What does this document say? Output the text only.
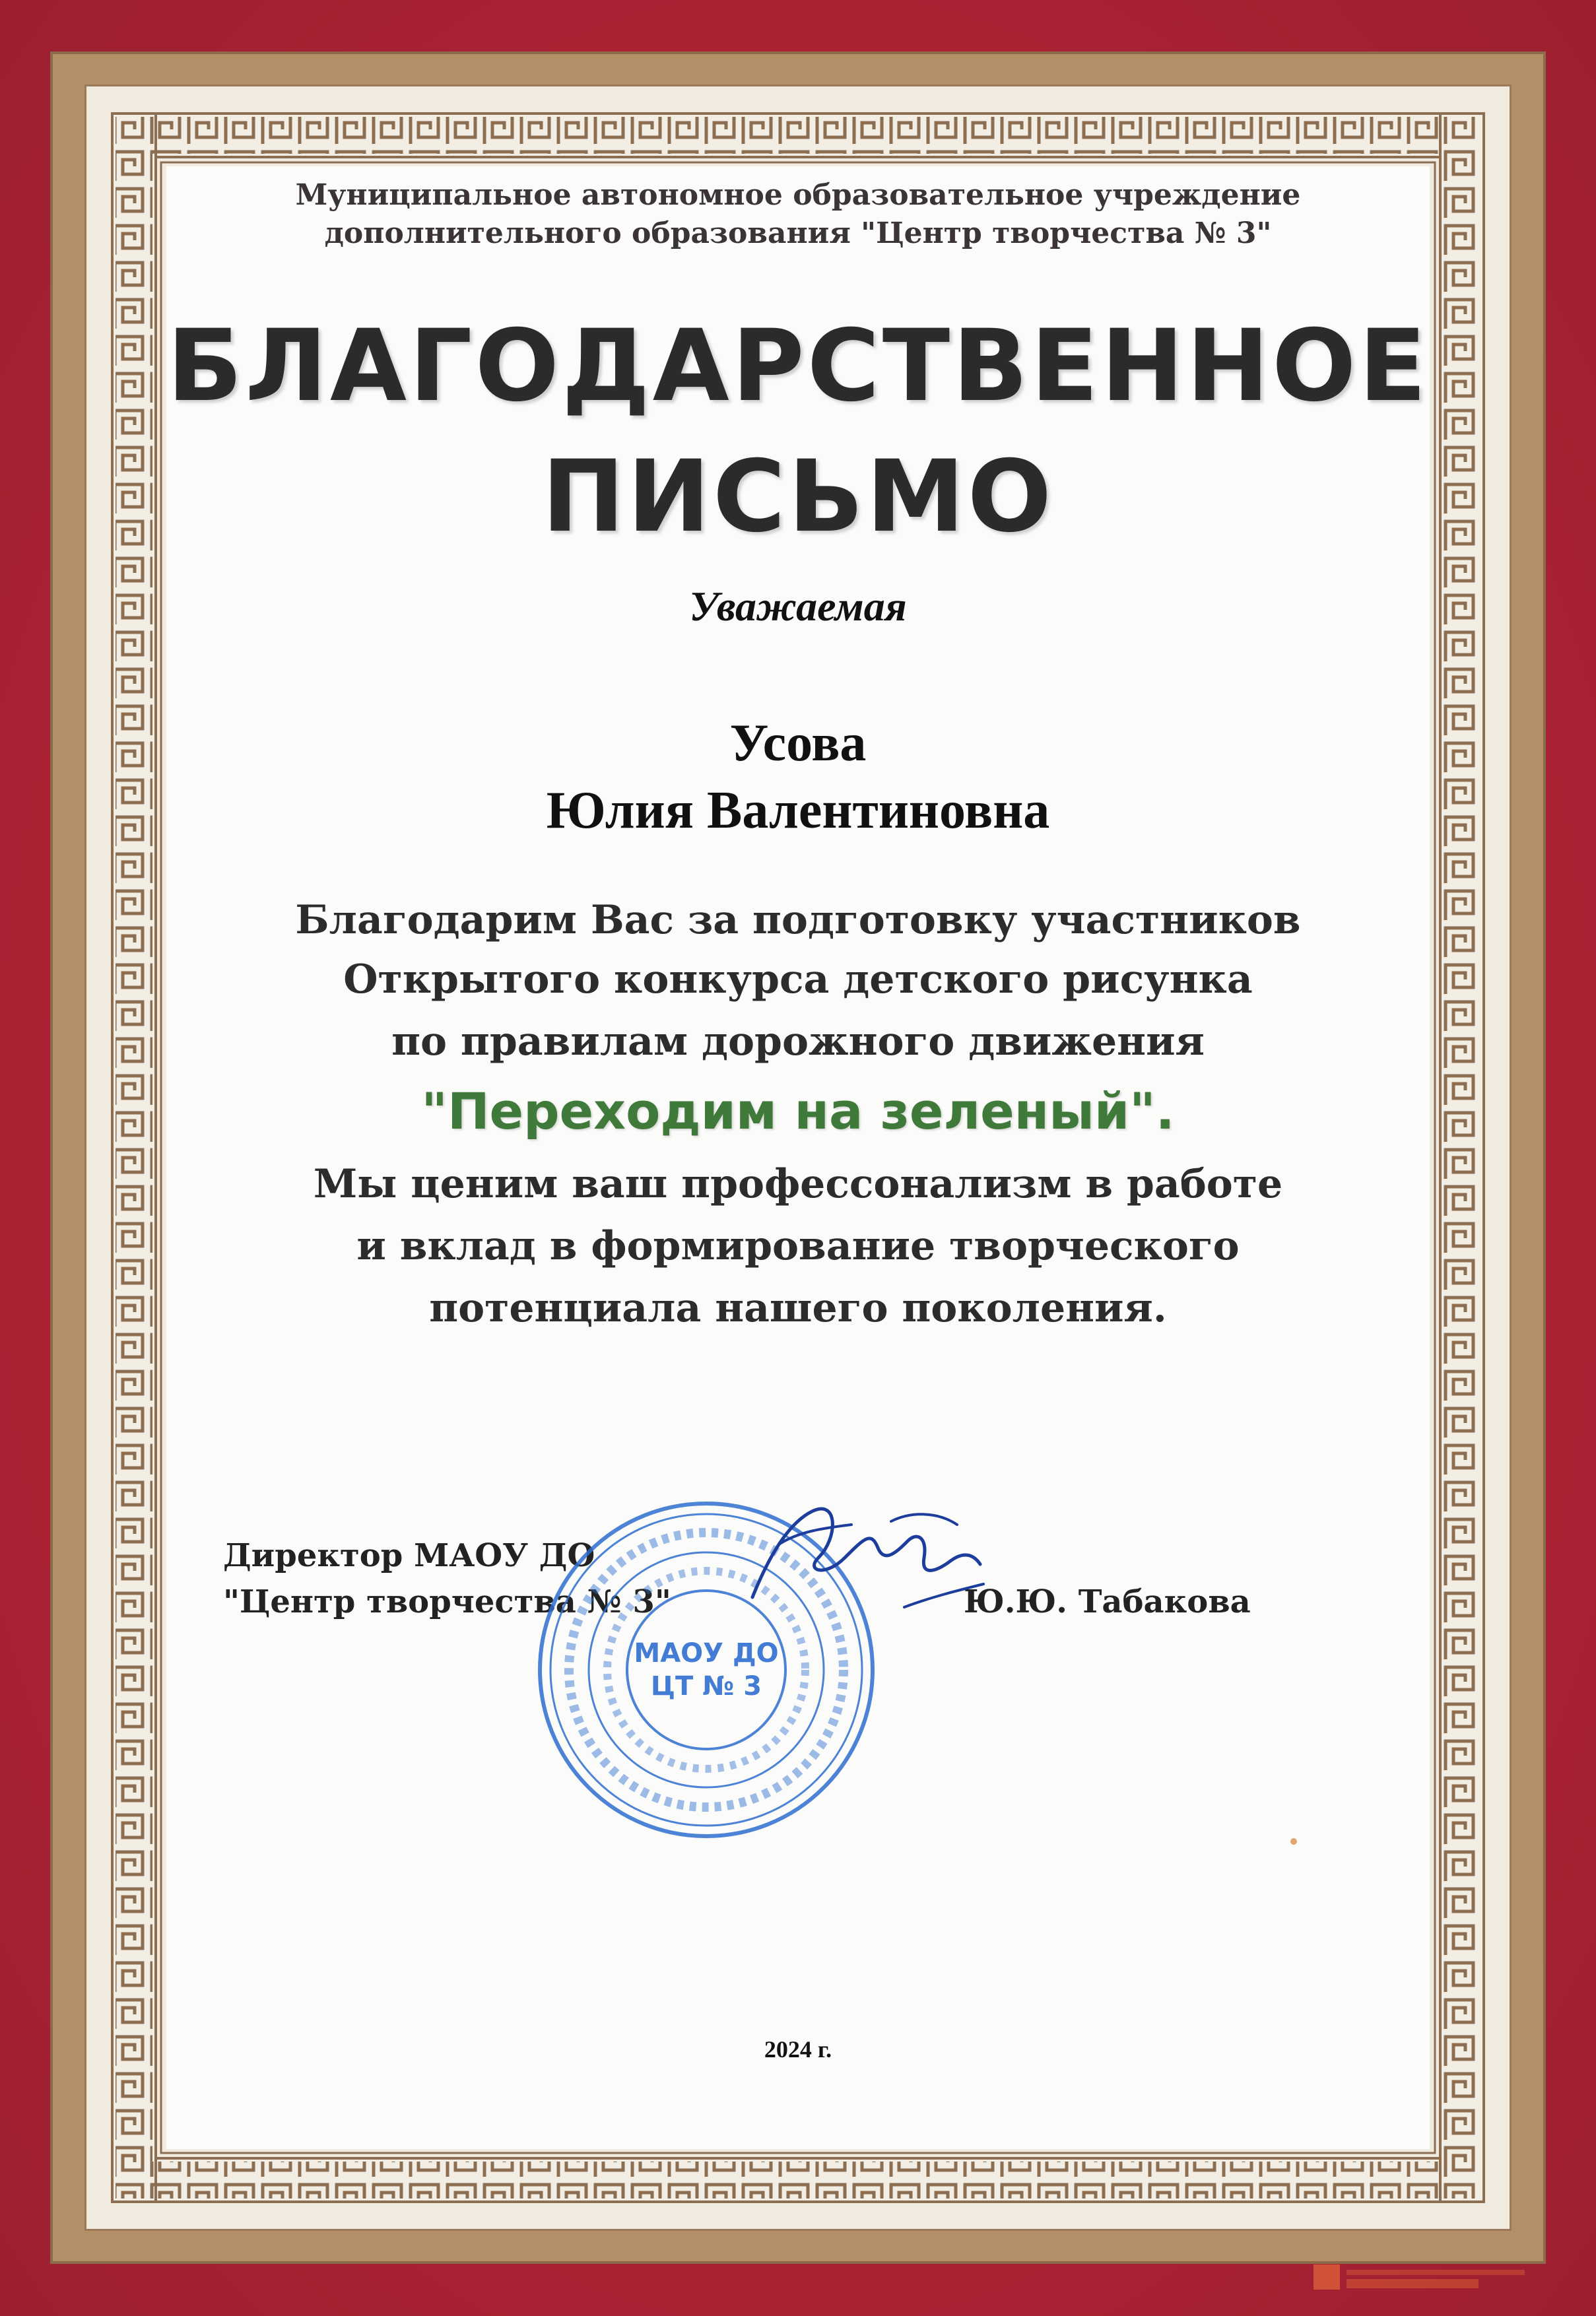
Муниципальное автономное образовательное учреждение

дополнительного образования "Центр творчества № 3"

БЛАГОДАРСТВЕННОЕ

ПИСЬМО

Уважаемая

Усова

Юлия Валентиновна

Благодарим Вас за подготовку участников

Открытого конкурса детского рисунка

по правилам дорожного движения

"Переходим на зеленый".

Мы ценим ваш профессонализм в работе

и вклад в формирование творческого

потенциала нашего поколения.

Директор МАОУ ДО
"Центр творчества № 3"	Ю.Ю. Табакова
МАОУ ДО
ЦТ № 3

2024 г.
